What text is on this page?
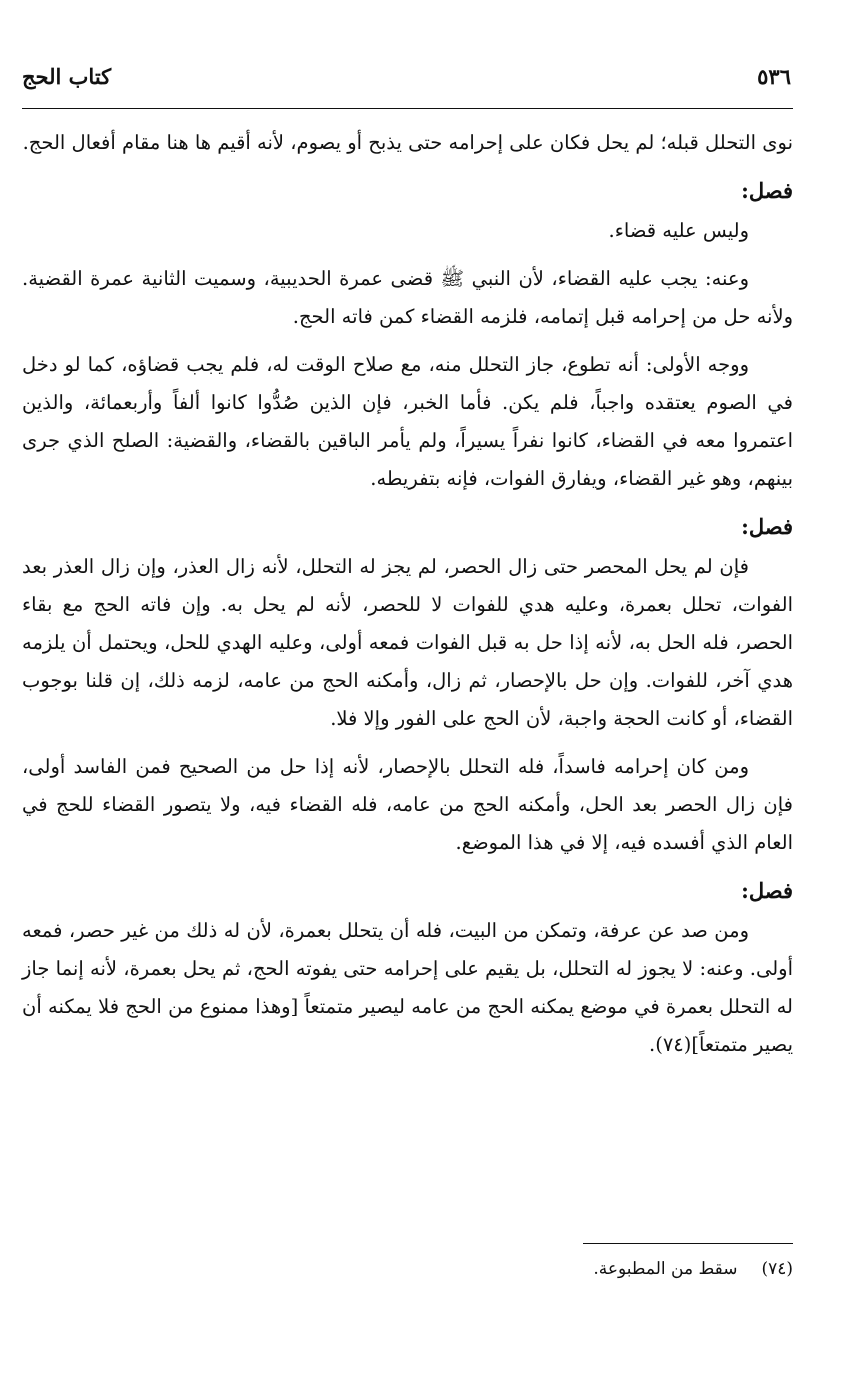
٥٣٦
كتاب الحج

نوى التحلل قبله؛ لم يحل فكان على إحرامه حتى يذبح أو يصوم، لأنه أقيم ها هنا مقام أفعال الحج.

فصل:

وليس عليه قضاء.

وعنه: يجب عليه القضاء، لأن النبي ﷺ قضى عمرة الحديبية، وسميت الثانية عمرة القضية. ولأنه حل من إحرامه قبل إتمامه، فلزمه القضاء كمن فاته الحج.

ووجه الأولى: أنه تطوع، جاز التحلل منه، مع صلاح الوقت له، فلم يجب قضاؤه، كما لو دخل في الصوم يعتقده واجباً، فلم يكن. فأما الخبر، فإن الذين صُدُّوا كانوا ألفاً وأربعمائة، والذين اعتمروا معه في القضاء، كانوا نفراً يسيراً، ولم يأمر الباقين بالقضاء، والقضية: الصلح الذي جرى بينهم، وهو غير القضاء، ويفارق الفوات، فإنه بتفريطه.

فصل:

فإن لم يحل المحصر حتى زال الحصر، لم يجز له التحلل، لأنه زال العذر، وإن زال العذر بعد الفوات، تحلل بعمرة، وعليه هدي للفوات لا للحصر، لأنه لم يحل به. وإن فاته الحج مع بقاء الحصر، فله الحل به، لأنه إذا حل به قبل الفوات فمعه أولى، وعليه الهدي للحل، ويحتمل أن يلزمه هدي آخر، للفوات. وإن حل بالإحصار، ثم زال، وأمكنه الحج من عامه، لزمه ذلك، إن قلنا بوجوب القضاء، أو كانت الحجة واجبة، لأن الحج على الفور وإلا فلا.

ومن كان إحرامه فاسداً، فله التحلل بالإحصار، لأنه إذا حل من الصحيح فمن الفاسد أولى، فإن زال الحصر بعد الحل، وأمكنه الحج من عامه، فله القضاء فيه، ولا يتصور القضاء للحج في العام الذي أفسده فيه، إلا في هذا الموضع.

فصل:

ومن صد عن عرفة، وتمكن من البيت، فله أن يتحلل بعمرة، لأن له ذلك من غير حصر، فمعه أولى. وعنه: لا يجوز له التحلل، بل يقيم على إحرامه حتى يفوته الحج، ثم يحل بعمرة، لأنه إنما جاز له التحلل بعمرة في موضع يمكنه الحج من عامه ليصير متمتعاً [وهذا ممنوع من الحج فلا يمكنه أن يصير متمتعاً](٧٤).

(٧٤)سقط من المطبوعة.
